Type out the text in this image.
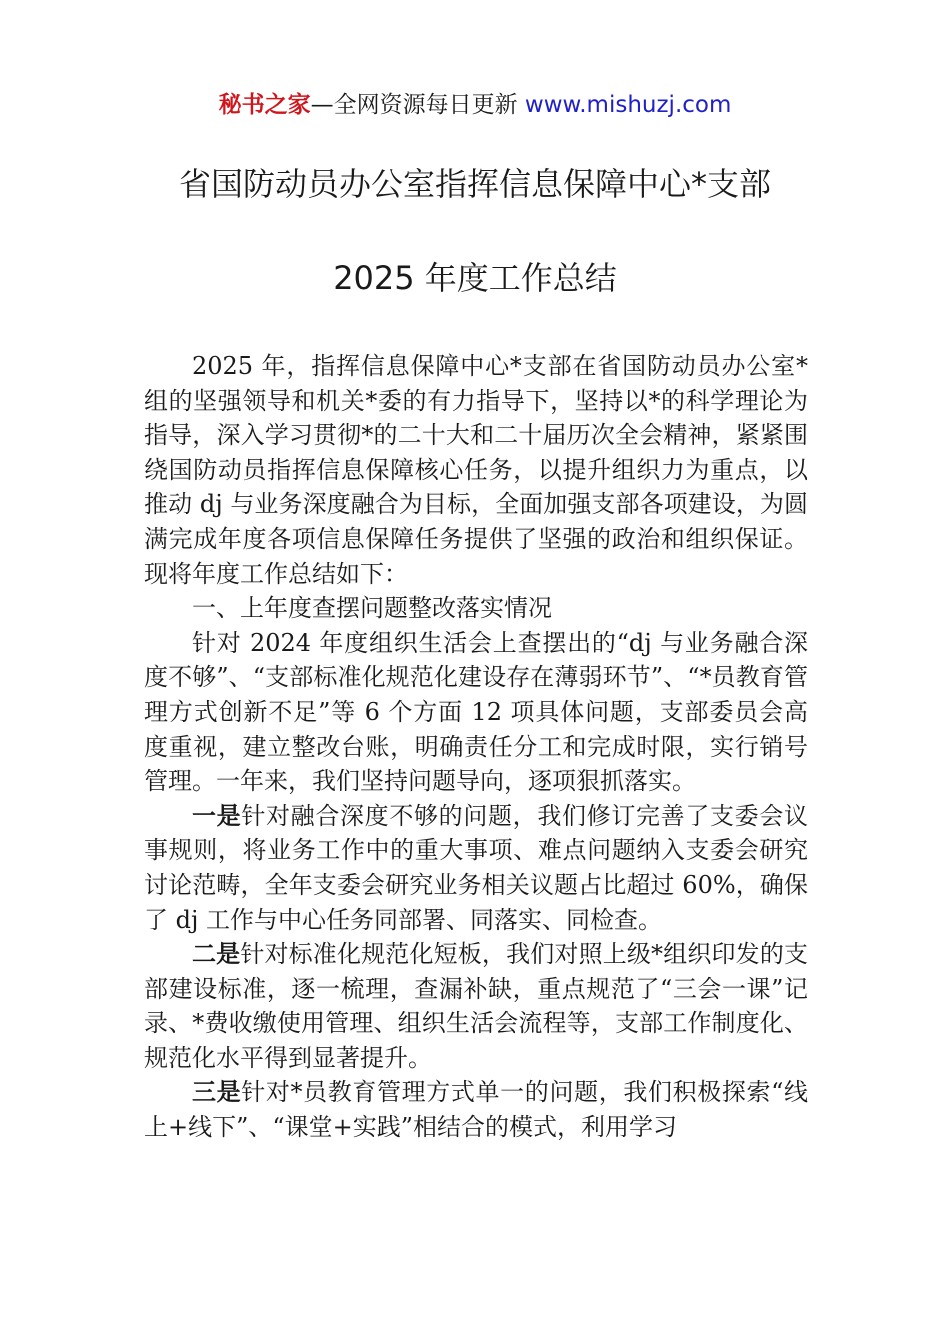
秘书之家—全网资源每日更新 www.mishuzj.com
省国防动员办公室指挥信息保障中心*支部
2025 年度工作总结

2025 年，指挥信息保障中心*支部在省国防动员办公室*组的坚强领导和机关*委的有力指导下，坚持以*的科学理论为指导，深入学习贯彻*的二十大和二十届历次全会精神，紧紧围绕国防动员指挥信息保障核心任务，以提升组织力为重点，以推动 dj 与业务深度融合为目标，全面加强支部各项建设，为圆满完成年度各项信息保障任务提供了坚强的政治和组织保证。现将年度工作总结如下：

一、上年度查摆问题整改落实情况

针对 2024 年度组织生活会上查摆出的“dj 与业务融合深度不够”、“支部标准化规范化建设存在薄弱环节”、“*员教育管理方式创新不足”等 6 个方面 12 项具体问题，支部委员会高度重视，建立整改台账，明确责任分工和完成时限，实行销号管理。一年来，我们坚持问题导向，逐项狠抓落实。

一是针对融合深度不够的问题，我们修订完善了支委会议事规则，将业务工作中的重大事项、难点问题纳入支委会研究讨论范畴，全年支委会研究业务相关议题占比超过 60%，确保了 dj 工作与中心任务同部署、同落实、同检查。

二是针对标准化规范化短板，我们对照上级*组织印发的支部建设标准，逐一梳理，查漏补缺，重点规范了“三会一课”记录、*费收缴使用管理、组织生活会流程等，支部工作制度化、规范化水平得到显著提升。

三是针对*员教育管理方式单一的问题，我们积极探索“线上+线下”、“课堂+实践”相结合的模式，利用学习
